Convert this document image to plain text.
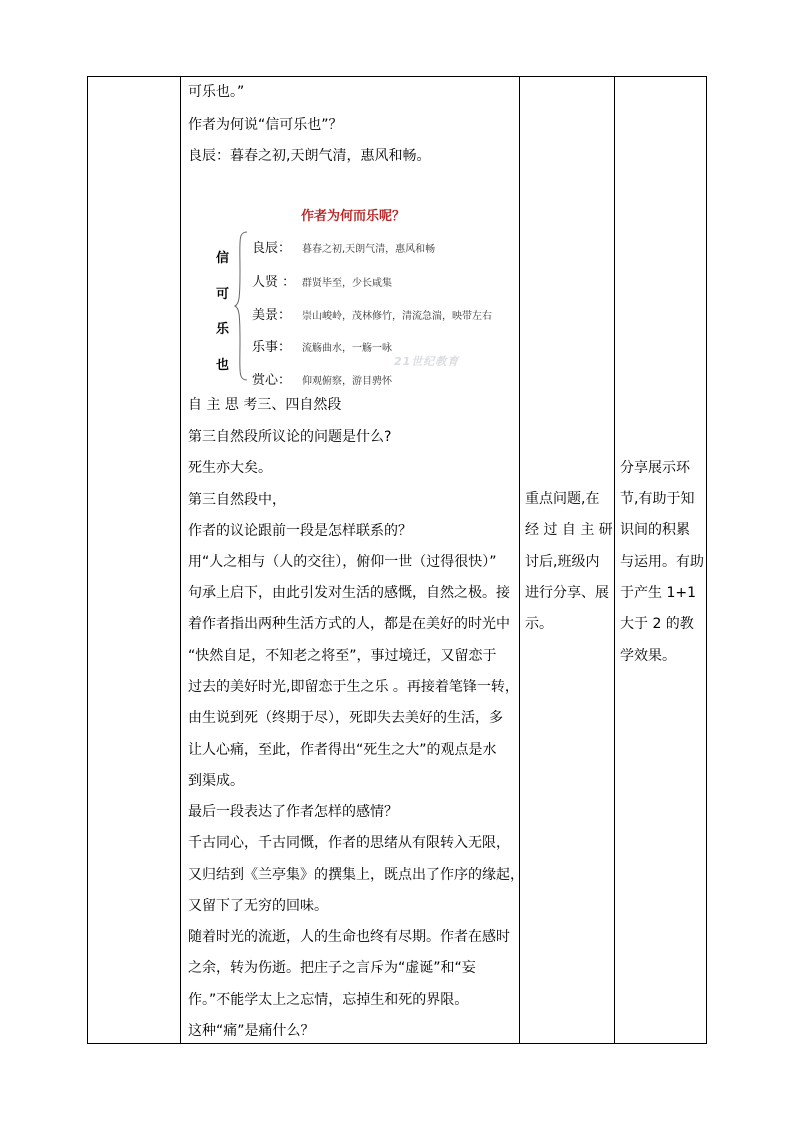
可乐也。”
作者为何说“信可乐也”？
良辰：暮春之初,天朗气清，惠风和畅。
作者为何而乐呢？
信
可
乐
也
良辰： 暮春之初,天朗气清，惠风和畅
人贤 ： 群贤毕至，少长咸集
美景： 崇山峻岭，茂林修竹，清流急湍，映带左右
乐事： 流觞曲水，一觞一咏
赏心： 仰观俯察，游目骋怀
21世纪教育
自 主 思 考三、四自然段
第三自然段所议论的问题是什么?
死生亦大矣。
第三自然段中，
作者的议论跟前一段是怎样联系的？
用“人之相与（人的交往），俯仰一世（过得很快）”
句承上启下，由此引发对生活的感慨，自然之极。接
着作者指出两种生活方式的人，都是在美好的时光中
“快然自足，不知老之将至”，事过境迁，又留恋于
过去的美好时光,即留恋于生之乐 。再接着笔锋一转，
由生说到死（终期于尽），死即失去美好的生活，多
让人心痛，至此，作者得出“死生之大”的观点是水
到渠成。
最后一段表达了作者怎样的感情？
千古同心，千古同慨，作者的思绪从有限转入无限，
又归结到《兰亭集》的撰集上，既点出了作序的缘起，
又留下了无穷的回味。
随着时光的流逝，人的生命也终有尽期。作者在感时
之余，转为伤逝。把庄子之言斥为“虚诞”和“妄
作。”不能学太上之忘情，忘掉生和死的界限。
这种“痛”是痛什么？
重点问题,在
经 过 自 主 研
讨后,班级内
进行分享、展
示。
分享展示环
节,有助于知
识间的积累
与运用。有助
于产生 1+1
大于 2 的教
学效果。
